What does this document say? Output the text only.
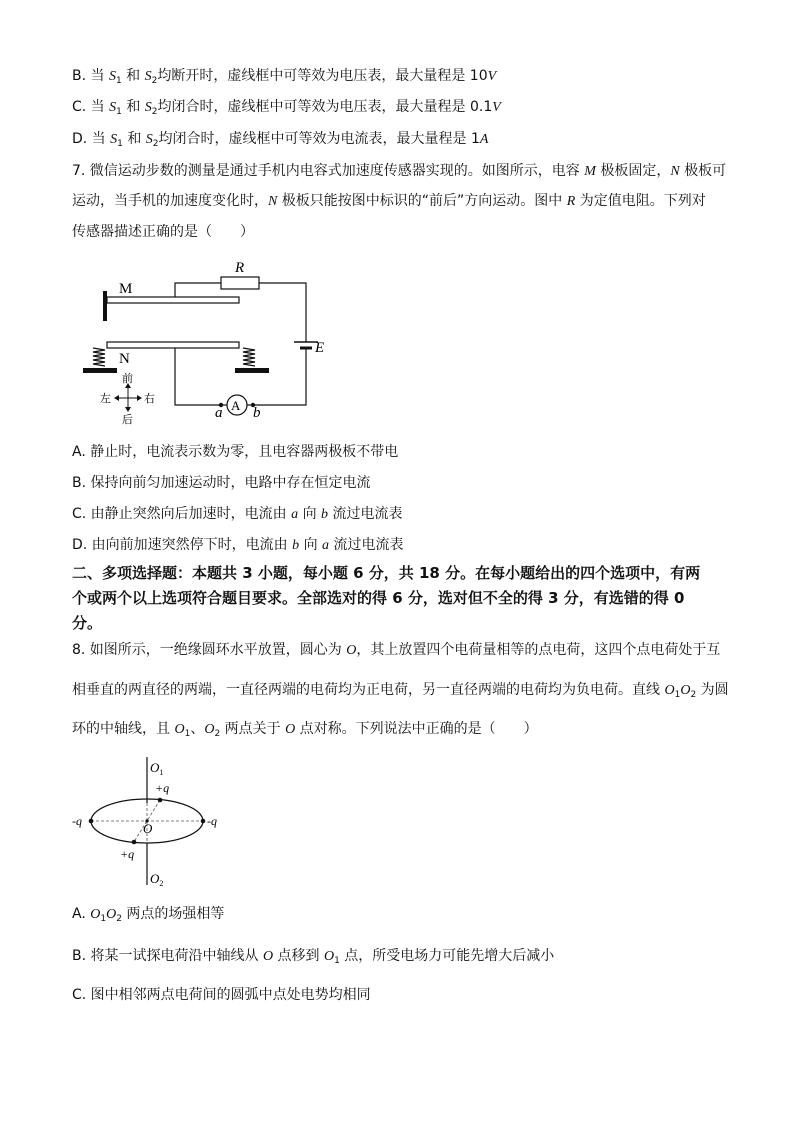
B. 当 $S_1$ 和 $S_2$均断开时，虚线框中可等效为电压表，最大量程是 10V
C. 当 $S_1$ 和 $S_2$均闭合时，虚线框中可等效为电压表，最大量程是 0.1V
D. 当 $S_1$ 和 $S_2$均闭合时，虚线框中可等效为电流表，最大量程是 1A
7. 微信运动步数的测量是通过手机内电容式加速度传感器实现的。如图所示，电容 M 极板固定，N 极板可
运动，当手机的加速度变化时，N 极板只能按图中标识的“前后”方向运动。图中 R 为定值电阻。下列对
传感器描述正确的是（　　）
M
R
E
N
A
a b
前
后
左	右
A. 静止时，电流表示数为零，且电容器两极板不带电
B. 保持向前匀加速运动时，电路中存在恒定电流
C. 由静止突然向后加速时，电流由 a 向 b 流过电流表
D. 由向前加速突然停下时，电流由 b 向 a 流过电流表
二、多项选择题：本题共 3 小题，每小题 6 分，共 18 分。在每小题给出的四个选项中，有两
个或两个以上选项符合题目要求。全部选对的得 6 分，选对但不全的得 3 分，有选错的得 0
分。
8. 如图所示，一绝缘圆环水平放置，圆心为 O，其上放置四个电荷量相等的点电荷，这四个点电荷处于互
相垂直的两直径的两端，一直径两端的电荷均为正电荷，另一直径两端的电荷均为负电荷。直线 $O_1O_2$ 为圆
环的中轴线，且 $O_1$、$O_2$ 两点关于 O 点对称。下列说法中正确的是（　　）
$O_1$
$O_2$
O
+q
+q
-q	-q
A. $O_1O_2$ 两点的场强相等
B. 将某一试探电荷沿中轴线从 O 点移到 $O_1$ 点，所受电场力可能先增大后减小
C. 图中相邻两点电荷间的圆弧中点处电势均相同
